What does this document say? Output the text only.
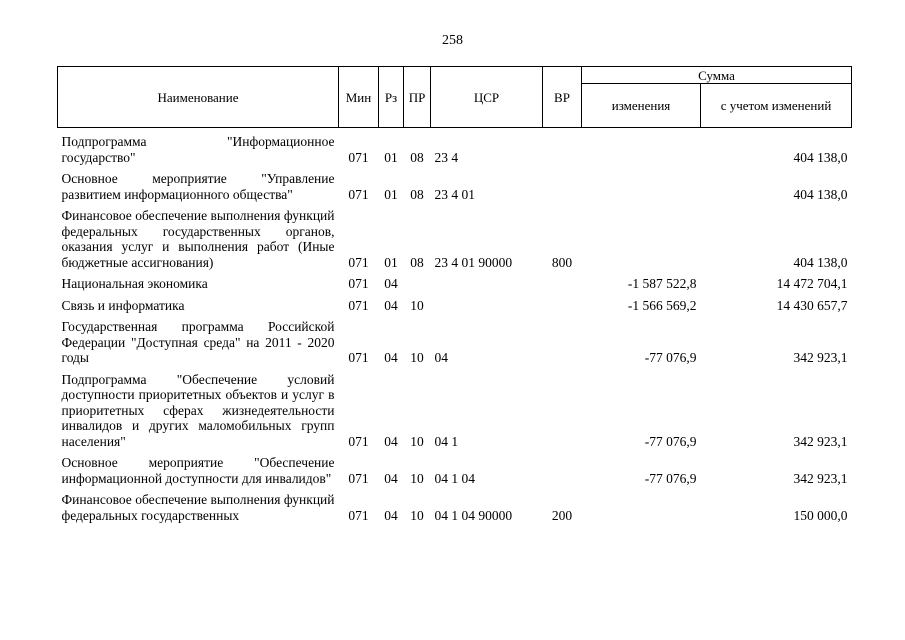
258
Наименование	Мин	Рз	ПР	ЦСР	ВР	Сумма	
						изменения	с учетом изменений
Подпрограмма "Информационное государство"	071	01	08	23 4			404 138,0
Основное мероприятие "Управление развитием информационного общества"	071	01	08	23 4 01			404 138,0
Финансовое обеспечение выполнения функций федеральных государственных органов, оказания услуг и выполнения работ (Иные бюджетные ассигнования)	071	01	08	23 4 01 90000	800		404 138,0
Национальная экономика	071	04				-1 587 522,8	14 472 704,1
Связь и информатика	071	04	10			-1 566 569,2	14 430 657,7
Государственная программа Российской Федерации "Доступная среда" на 2011 - 2020 годы	071	04	10	04		-77 076,9	342 923,1
Подпрограмма "Обеспечение условий доступности приоритетных объектов и услуг в приоритетных сферах жизнедеятельности инвалидов и других маломобильных групп населения"	071	04	10	04 1		-77 076,9	342 923,1
Основное мероприятие "Обеспечение информационной доступности для инвалидов"	071	04	10	04 1 04		-77 076,9	342 923,1
Финансовое обеспечение выполнения функций федеральных государственных	071	04	10	04 1 04 90000	200		150 000,0
